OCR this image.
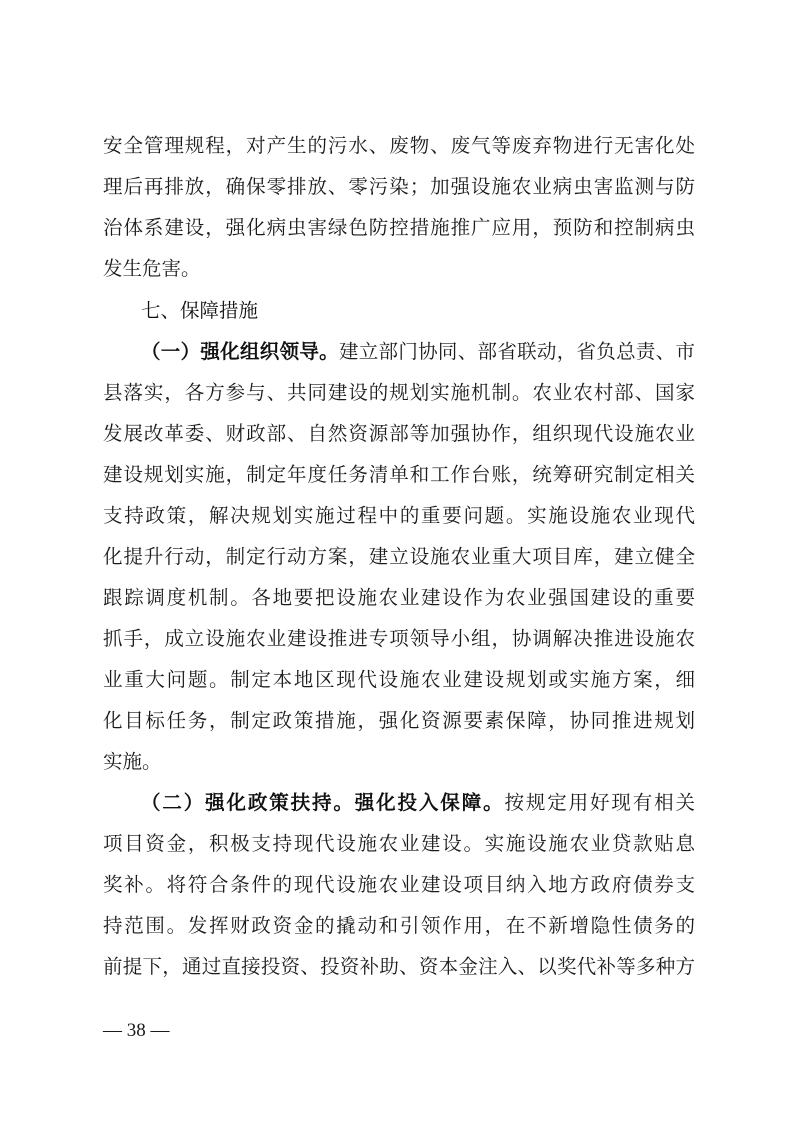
安全管理规程，对产生的污水、废物、废气等废弃物进行无害化处
理后再排放，确保零排放、零污染；加强设施农业病虫害监测与防
治体系建设，强化病虫害绿色防控措施推广应用，预防和控制病虫
发生危害。
七、保障措施
（一）强化组织领导。建立部门协同、部省联动，省负总责、市
县落实，各方参与、共同建设的规划实施机制。农业农村部、国家
发展改革委、财政部、自然资源部等加强协作，组织现代设施农业
建设规划实施，制定年度任务清单和工作台账，统筹研究制定相关
支持政策，解决规划实施过程中的重要问题。实施设施农业现代
化提升行动，制定行动方案，建立设施农业重大项目库，建立健全
跟踪调度机制。各地要把设施农业建设作为农业强国建设的重要
抓手，成立设施农业建设推进专项领导小组，协调解决推进设施农
业重大问题。制定本地区现代设施农业建设规划或实施方案，细
化目标任务，制定政策措施，强化资源要素保障，协同推进规划
实施。
（二）强化政策扶持。强化投入保障。按规定用好现有相关
项目资金，积极支持现代设施农业建设。实施设施农业贷款贴息
奖补。将符合条件的现代设施农业建设项目纳入地方政府债券支
持范围。发挥财政资金的撬动和引领作用，在不新增隐性债务的
前提下，通过直接投资、投资补助、资本金注入、以奖代补等多种方
— 38 —
